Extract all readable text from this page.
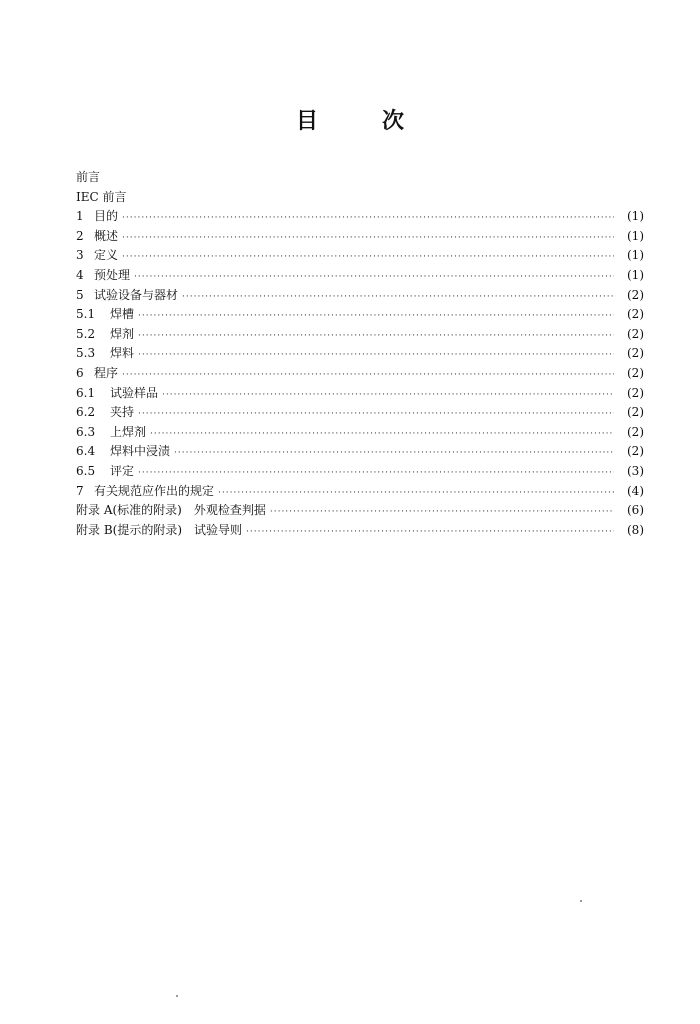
目	次
前言
IEC 前言
1 目的 ·····	(1)
2 概述 ·····	(1)
3 定义 ·····	(1)
4 预处理 ·····	(1)
5 试验设备与器材 ·····	(2)
5.1	焊槽 ·····	(2)
5.2	焊剂 ·····	(2)
5.3	焊料 ·····	(2)
6 程序 ·····	(2)
6.1	试验样品 ·····	(2)
6.2	夹持 ·····	(2)
6.3	上焊剂 ·····	(2)
6.4	焊料中浸渍 ·····	(2)
6.5	评定 ·····	(3)
7 有关规范应作出的规定 ·····	(4)
附录 A(标准的附录)　外观检查判据 ·····	(6)
附录 B(提示的附录)　试验导则 ·····	(8)
